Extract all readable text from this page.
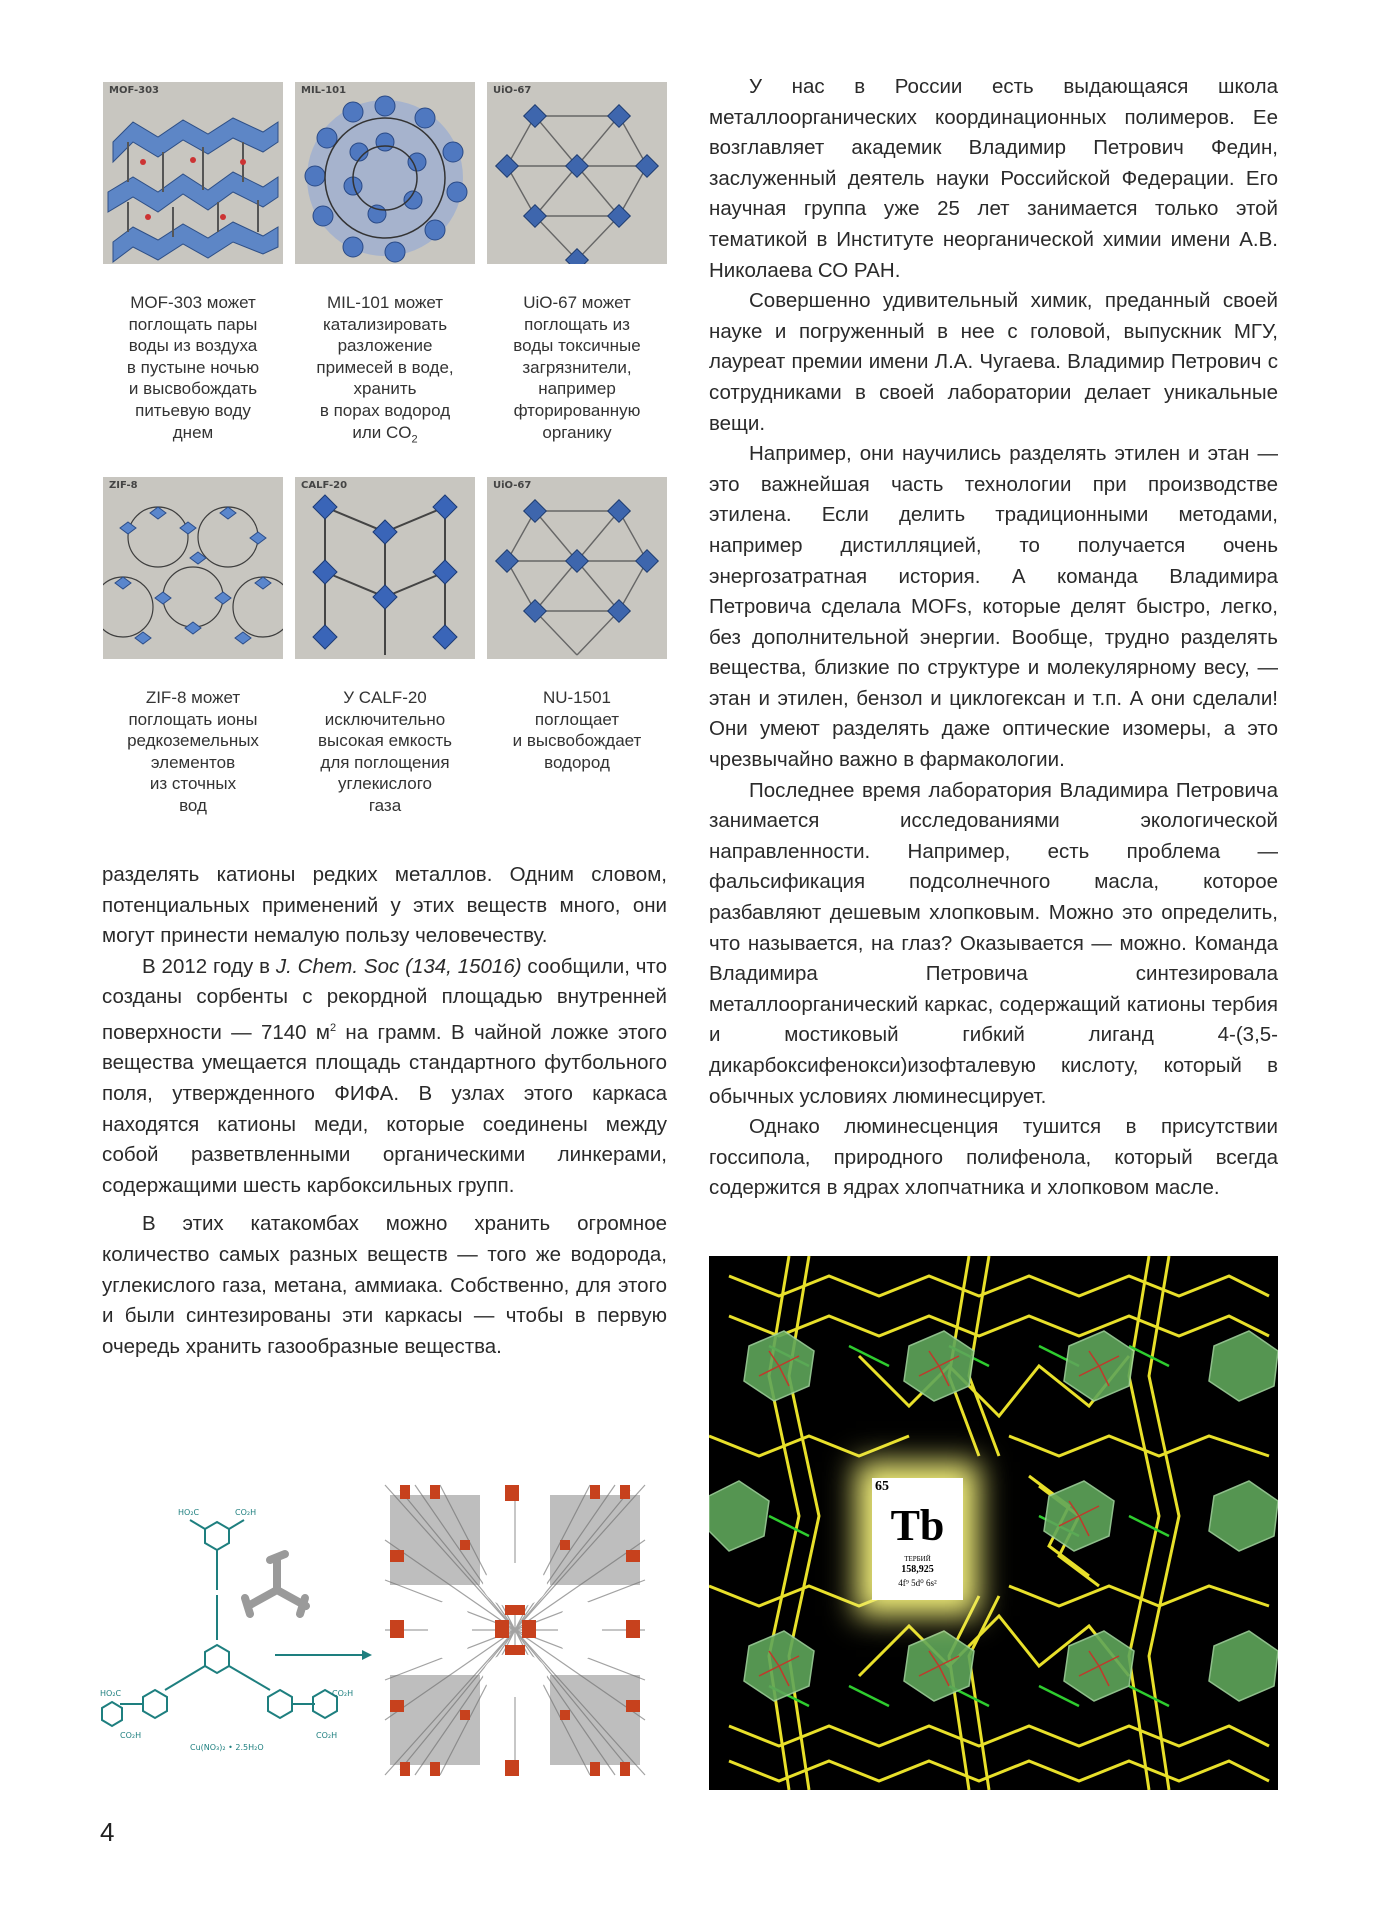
MOF-303	MIL-101	UiO-67
MOF-303 может
поглощать пары
воды из воздуха
в пустыне ночью
и высвобождать
питьевую воду
днем
MIL-101 может
катализировать
разложение
примесей в воде,
хранить
в порах водород
или $CO_2$
UiO-67 может
поглощать из
воды токсичные
загрязнители,
например
фторированную
органику
ZIF-8	CALF-20	UiO-67
ZIF-8 может
поглощать ионы
редкоземельных
элементов
из сточных
вод
У CALF-20
исключительно
высокая емкость
для поглощения
углекислого
газа
NU-1501
поглощает
и высвобождает
водород

разделять катионы редких металлов. Одним словом, потенциальных применений у этих веществ много, они могут принести немалую пользу человечеству.

В 2012 году в J. Chem. Soc (134, 15016) сообщили, что созданы сорбенты с рекордной площадью внутренней поверхности — 7140 $м^2$ на грамм. В чайной ложке этого вещества умещается площадь стандартного футбольного поля, утвержденного ФИФА. В узлах этого каркаса находятся катионы меди, которые соединены между собой разветвленными органическими линкерами, содержащими шесть карбоксильных групп.

В этих катакомбах можно хранить огромное количество самых разных веществ — того же водорода, углекислого газа, метана, аммиака. Собственно, для этого и были синтезированы эти каркасы — чтобы в первую очередь хранить газообразные вещества.

HO₂C	CO₂H
HO₂C
CO₂H
CO₂H
CO₂H
Cu(NO₃)₂ • 2.5H₂O

У нас в России есть выдающаяся школа металлоорганических координационных полимеров. Ее возглавляет академик Владимир Петрович Федин, заслуженный деятель науки Российской Федерации. Его научная группа уже 25 лет занимается только этой тематикой в Институте неорганической химии имени А.В. Николаева СО РАН.

Совершенно удивительный химик, преданный своей науке и погруженный в нее с головой, выпускник МГУ, лауреат премии имени Л.А. Чугаева. Владимир Петрович с сотрудниками в своей лаборатории делает уникальные вещи.

Например, они научились разделять этилен и этан — это важнейшая часть технологии при производстве этилена. Если делить традиционными методами, например дистилляцией, то получается очень энергозатратная история. А команда Владимира Петровича сделала MOFs, которые делят быстро, легко, без дополнительной энергии. Вообще, трудно разделять вещества, близкие по структуре и молекулярному весу, — этан и этилен, бензол и циклогексан и т.п. А они сделали! Они умеют разделять даже оптические изомеры, а это чрезвычайно важно в фармакологии.

Последнее время лаборатория Владимира Петровича занимается исследованиями экологической направленности. Например, есть проблема — фальсификация подсолнечного масла, которое разбавляют дешевым хлопковым. Можно это определить, что называется, на глаз? Оказывается — можно. Команда Владимира Петровича синтезировала металлоорганический каркас, содержащий катионы тербия и мостиковый гибкий лиганд 4-(3,5-дикарбоксифенокси)изофталевую кислоту, который в обычных условиях люминесцирует.

Однако люминесценция тушится в присутствии госсипола, природного полифенола, который всегда содержится в ядрах хлопчатника и хлопковом масле.

65
Tb
ТЕРБИЙ
158,925
4f⁹ 5d⁰ 6s²
4
